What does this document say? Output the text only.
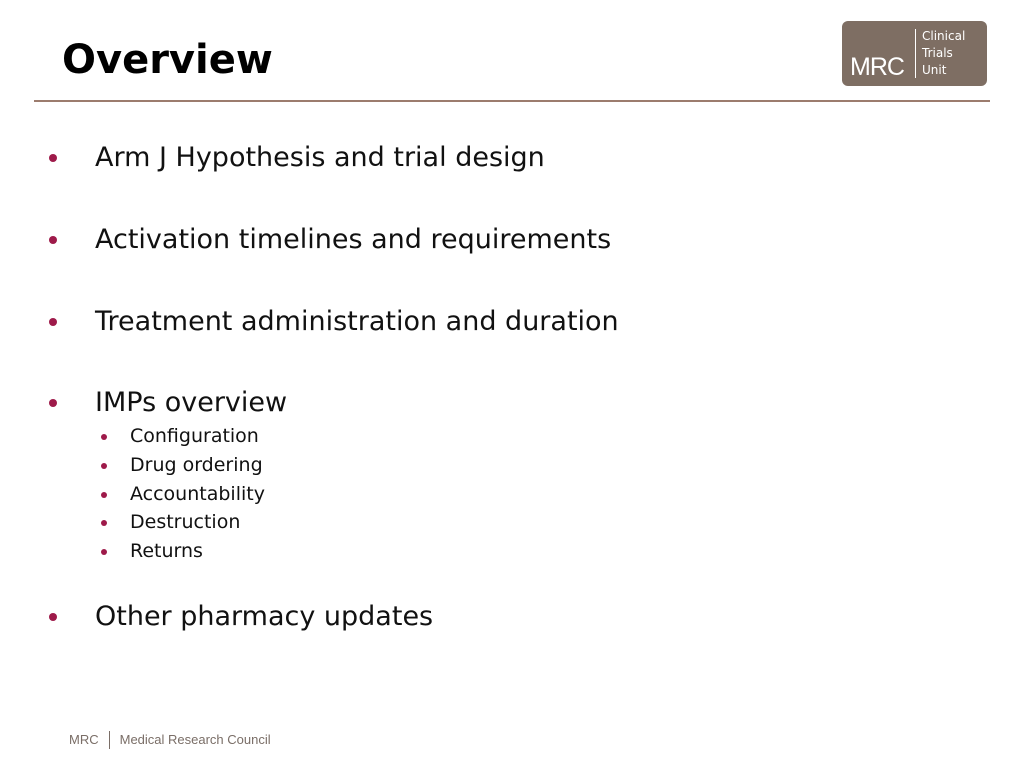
Overview	MRC
Clinical
Trials
Unit
Arm J Hypothesis and trial design
Activation timelines and requirements
Treatment administration and duration
IMPs overview
Configuration
Drug ordering
Accountability
Destruction
Returns
Other pharmacy updates
MRC Medical Research Council
